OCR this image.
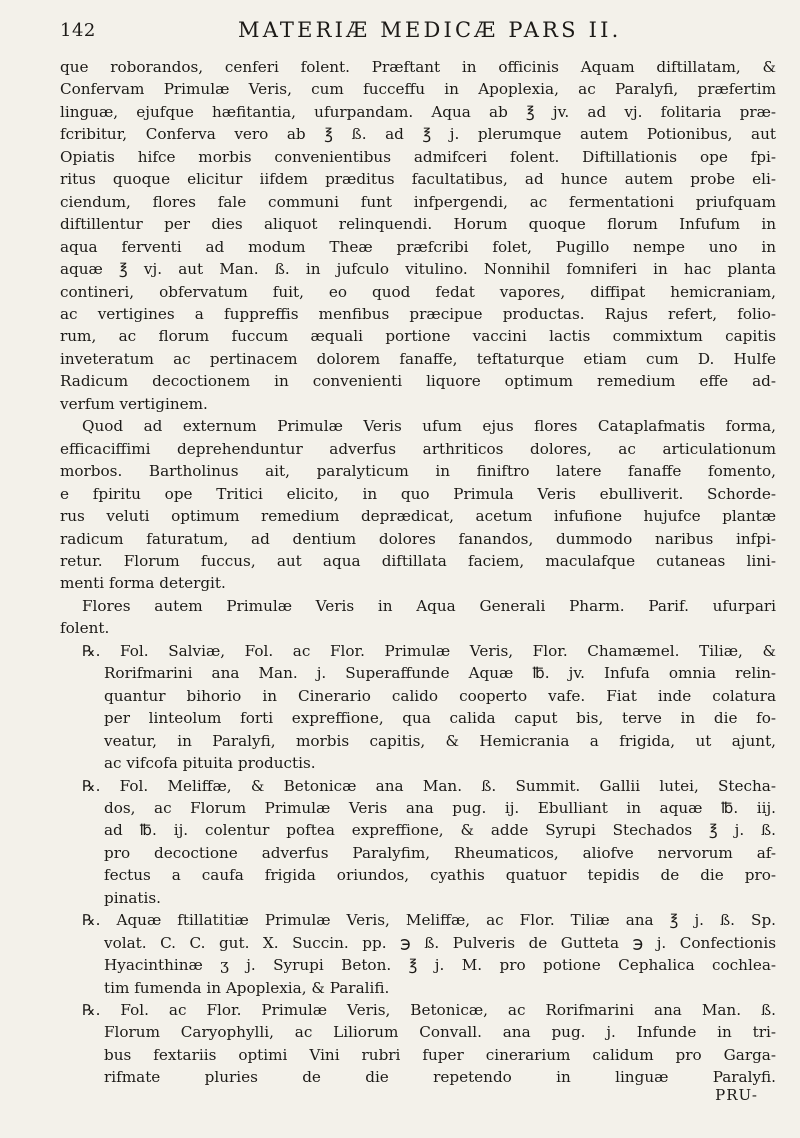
142	MATERIÆ MEDICÆ PARS II.
que roborandos, cenferi folent. Præftant in officinis Aquam diftillatam, &
Confervam Primulæ Veris, cum fucceffu in Apoplexia, ac Paralyfi, præfertim
linguæ, ejufque hæfitantia, ufurpandam. Aqua ab ℥ jv. ad vj. folitaria præ-
fcribitur, Conferva vero ab ℥ ß. ad ℥ j. plerumque autem Potionibus, aut
Opiatis hifce morbis convenientibus admifceri folent. Diftillationis ope fpi-
ritus quoque elicitur iifdem præditus facultatibus, ad hunce autem probe eli-
ciendum, flores fale communi funt infpergendi, ac fermentationi priufquam
diftillentur per dies aliquot relinquendi. Horum quoque florum Infufum in
aqua ferventi ad modum Theæ præfcribi folet, Pugillo nempe uno in
aquæ ℥ vj. aut Man. ß. in jufculo vitulino. Nonnihil fomniferi in hac planta
contineri, obfervatum fuit, eo quod fedat vapores, diffipat hemicraniam,
ac vertigines a fuppreffis menfibus præcipue productas. Rajus refert, folio-
rum, ac florum fuccum æquali portione vaccini lactis commixtum capitis
inveteratum ac pertinacem dolorem fanaffe, teftaturque etiam cum D. Hulfe
Radicum decoctionem in convenienti liquore optimum remedium effe ad-
verfum vertiginem.
Quod ad externum Primulæ Veris ufum ejus flores Cataplafmatis forma,
efficaciffimi deprehenduntur adverfus arthriticos dolores, ac articulationum
morbos. Bartholinus ait, paralyticum in finiftro latere fanaffe fomento,
e fpiritu ope Tritici elicito, in quo Primula Veris ebulliverit. Schorde-
rus veluti optimum remedium deprædicat, acetum infufione hujufce plantæ
radicum faturatum, ad dentium dolores fanandos, dummodo naribus infpi-
retur. Florum fuccus, aut aqua diftillata faciem, maculafque cutaneas lini-
menti forma detergit.
Flores autem Primulæ Veris in Aqua Generali Pharm. Parif. ufurpari
folent.
℞. Fol. Salviæ, Fol. ac Flor. Primulæ Veris, Flor. Chamæmel. Tiliæ, &
Rorifmarini ana Man. j. Superaffunde Aquæ ℔. jv. Infufa omnia relin-
quantur bihorio in Cinerario calido cooperto vafe. Fiat inde colatura
per linteolum forti expreffione, qua calida caput bis, terve in die fo-
veatur, in Paralyfi, morbis capitis, & Hemicrania a frigida, ut ajunt,
ac vifcofa pituita productis.
℞. Fol. Meliffæ, & Betonicæ ana Man. ß. Summit. Gallii lutei, Stecha-
dos, ac Florum Primulæ Veris ana pug. ij. Ebulliant in aquæ ℔. iij.
ad ℔. ij. colentur poftea expreffione, & adde Syrupi Stechados ℥ j. ß.
pro decoctione adverfus Paralyfim, Rheumaticos, aliofve nervorum af-
fectus a caufa frigida oriundos, cyathis quatuor tepidis de die pro-
pinatis.
℞. Aquæ ftillatitiæ Primulæ Veris, Meliffæ, ac Flor. Tiliæ ana ℥ j. ß. Sp.
volat. C. C. gut. X. Succin. pp. ℈ ß. Pulveris de Gutteta ℈ j. Confectionis
Hyacinthinæ ʒ j. Syrupi Beton. ℥ j. M. pro potione Cephalica cochlea-
tim fumenda in Apoplexia, & Paralifi.
℞. Fol. ac Flor. Primulæ Veris, Betonicæ, ac Rorifmarini ana Man. ß.
Florum Caryophylli, ac Liliorum Convall. ana pug. j. Infunde in tri-
bus fextariis optimi Vini rubri fuper cinerarium calidum pro Garga-
rifmate pluries de die repetendo in linguæ Paralyfi.
PRU-
